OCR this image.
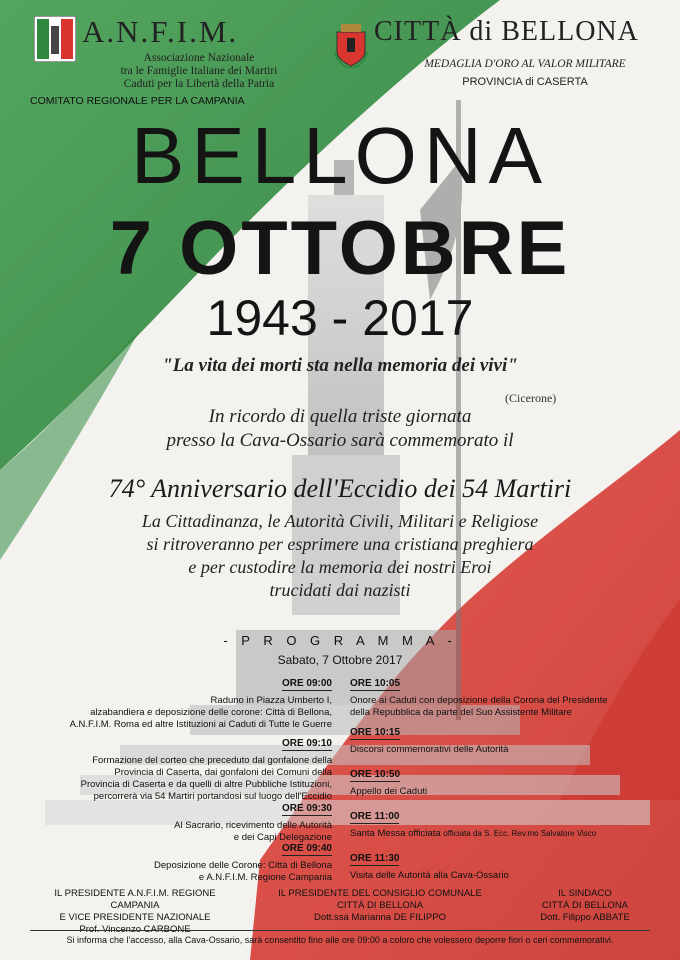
A.N.F.I.M.
Associazione Nazionale
tra le Famiglie Italiane dei Martiri
Caduti per la Libertà della Patria
COMITATO REGIONALE PER LA CAMPANIA
CITTÀ di BELLONA
MEDAGLIA D'ORO AL VALOR MILITARE
PROVINCIA di CASERTA
BELLONA
7 OTTOBRE
1943 - 2017
"La vita dei morti sta nella memoria dei vivi"
(Cicerone)
In ricordo di quella triste giornata
presso la Cava-Ossario sarà commemorato il
74° Anniversario dell'Eccidio dei 54 Martiri
La Cittadinanza, le Autorità Civili, Militari e Religiose
si ritroveranno per esprimere una cristiana preghiera
e per custodire la memoria dei nostri Eroi
trucidati dai nazisti
- P R O G R A M M A -
Sabato, 7 Ottobre 2017
ORE 09:00
Raduno in Piazza Umberto I,
alzabandiera e deposizione delle corone: Città di Bellona,
A.N.F.I.M. Roma ed altre Istituzioni ai Caduti di Tutte le Guerre
ORE 09:10
Formazione del corteo che preceduto dal gonfalone della
Provincia di Caserta, dai gonfaloni dei Comuni della
Provincia di Caserta e da quelli di altre Pubbliche Istituzioni,
percorrerà via 54 Martiri portandosi sul luogo dell'Eccidio
ORE 09:30
Al Sacrario, ricevimento delle Autorità
e dei Capi Delegazione
ORE 09:40
Deposizione delle Corone: Città di Bellona
e A.N.F.I.M. Regione Campania
ORE 10:05
Onore ai Caduti con deposizione della Corona del Presidente
della Repubblica da parte del Suo Assistente Militare
ORE 10:15
Discorsi commemorativi delle Autorità
ORE 10:50
Appello dei Caduti
ORE 11:00
Santa Messa officiata officiata da S. Ecc. Rev.mo Salvatore Visco
ORE 11:30
Visita delle Autorità alla Cava-Ossario
IL PRESIDENTE A.N.F.I.M. REGIONE CAMPANIA
E VICE PRESIDENTE NAZIONALE
Prof. Vincenzo CARBONE
IL PRESIDENTE DEL CONSIGLIO COMUNALE
CITTÀ DI BELLONA
Dott.ssa Marianna DE FILIPPO
IL SINDACO
CITTÀ DI BELLONA
Dott. Filippo ABBATE
Si informa che l'accesso, alla Cava-Ossario, sarà consentito fino alle ore 09:00 a coloro che volessero deporre fiori o ceri commemorativi.
